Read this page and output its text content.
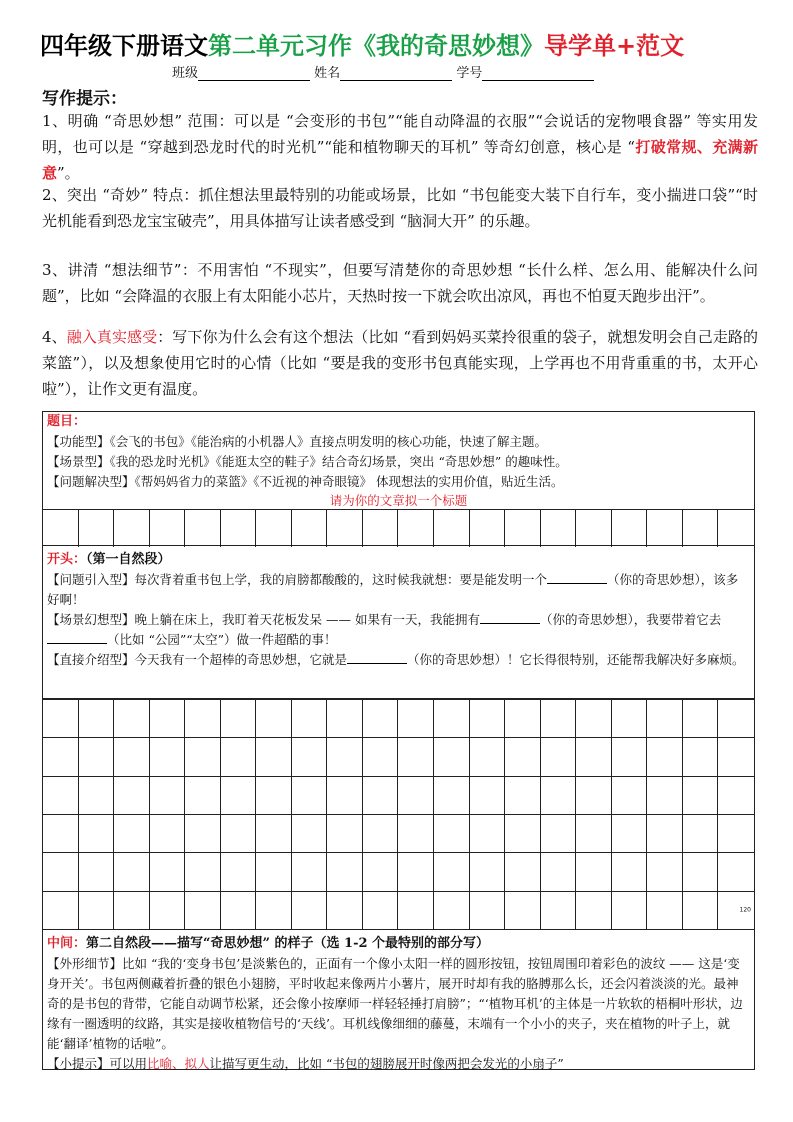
四年级下册语文第二单元习作《我的奇思妙想》导学单+范文
班级	姓名	学号
写作提示：
1、明确 “奇思妙想” 范围：可以是 “会变形的书包”“能自动降温的衣服”“会说话的宠物喂食器” 等实用发明，也可以是 “穿越到恐龙时代的时光机”“能和植物聊天的耳机” 等奇幻创意，核心是 “打破常规、充满新意”。
2、突出 “奇妙” 特点：抓住想法里最特别的功能或场景，比如 “书包能变大装下自行车，变小揣进口袋”“时光机能看到恐龙宝宝破壳”，用具体描写让读者感受到 “脑洞大开” 的乐趣。
3、讲清 “想法细节”：不用害怕 “不现实”，但要写清楚你的奇思妙想 “长什么样、怎么用、能解决什么问题”，比如 “会降温的衣服上有太阳能小芯片，天热时按一下就会吹出凉风，再也不怕夏天跑步出汗”。
4、融入真实感受：写下你为什么会有这个想法（比如 “看到妈妈买菜拎很重的袋子，就想发明会自己走路的菜篮”），以及想象使用它时的心情（比如 “要是我的变形书包真能实现，上学再也不用背重重的书，太开心啦”），让作文更有温度。
题目：
【功能型】《会飞的书包》《能治病的小机器人》直接点明发明的核心功能，快速了解主题。
【场景型】《我的恐龙时光机》《能逛太空的鞋子》结合奇幻场景，突出 “奇思妙想” 的趣味性。
【问题解决型】《帮妈妈省力的菜篮》《不近视的神奇眼镜》 体现想法的实用价值，贴近生活。
请为你的文章拟一个标题
开头：（第一自然段）
【问题引入型】每次背着重书包上学，我的肩膀都酸酸的，这时候我就想：要是能发明一个	（你的奇思妙想），该多好啊！
【场景幻想型】晚上躺在床上，我盯着天花板发呆 —— 如果有一天，我能拥有	（你的奇思妙想），我要带着它去（比如 “公园”“太空”）做一件超酷的事！
【直接介绍型】今天我有一个超棒的奇思妙想，它就是	（你的奇思妙想）！它长得很特别，还能帮我解决好多麻烦。
120
中间：第二自然段——描写“奇思妙想” 的样子（选 1-2 个最特别的部分写）
【外形细节】比如 “我的‘变身书包’是淡紫色的，正面有一个像小太阳一样的圆形按钮，按钮周围印着彩色的波纹 —— 这是‘变身开关’。书包两侧藏着折叠的银色小翅膀，平时收起来像两片小薯片，展开时却有我的胳膊那么长，还会闪着淡淡的光。最神奇的是书包的背带，它能自动调节松紧，还会像小按摩师一样轻轻捶打肩膀”；“‘植物耳机’的主体是一片软软的梧桐叶形状，边缘有一圈透明的纹路，其实是接收植物信号的‘天线’。耳机线像细细的藤蔓，末端有一个小小的夹子，夹在植物的叶子上，就能‘翻译’植物的话啦”。
【小提示】可以用比喻、拟人让描写更生动，比如 “书包的翅膀展开时像两把会发光的小扇子”
